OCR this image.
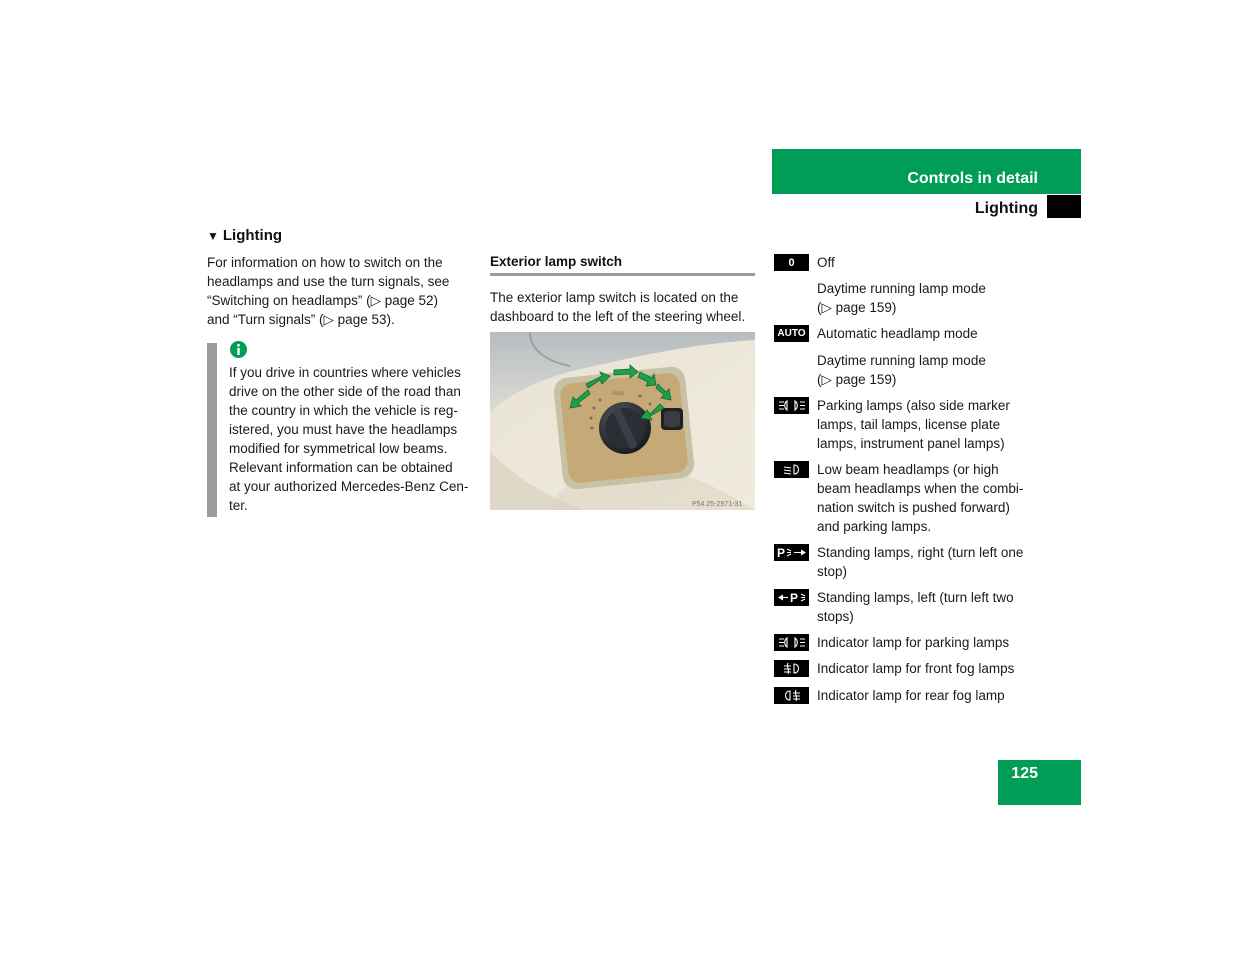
Controls in detail
Lighting
▼ Lighting
For information on how to switch on the
headlamps and use the turn signals, see
“Switching on headlamps” (▷ page 52)
and “Turn signals” (▷ page 53).
If you drive in countries where vehicles
drive on the other side of the road than
the country in which the vehicle is reg-
istered, you must have the headlamps
modified for symmetrical low beams.
Relevant information can be obtained
at your authorized Mercedes-Benz Cen-
ter.
Exterior lamp switch
The exterior lamp switch is located on the
dashboard to the left of the steering wheel.
Auto
P54.25-2971-31
0 Off
Daytime running lamp mode
(▷ page 159)
AUTO Automatic headlamp mode
Daytime running lamp mode
(▷ page 159)
Parking lamps (also side marker
lamps, tail lamps, license plate
lamps, instrument panel lamps)
Low beam headlamps (or high
beam headlamps when the combi-
nation switch is pushed forward)
and parking lamps.
P Standing lamps, right (turn left one
stop)
P Standing lamps, left (turn left two
stops)
Indicator lamp for parking lamps
Indicator lamp for front fog lamps
Indicator lamp for rear fog lamp
125
